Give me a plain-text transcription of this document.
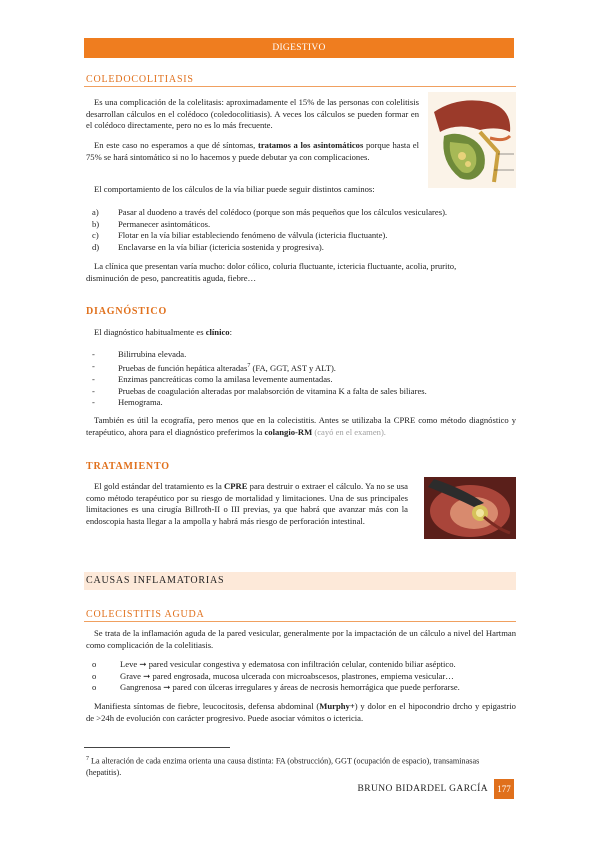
DIGESTIVO
COLEDOCOLITIASIS
Es una complicación de la colelitasis: aproximadamente el 15% de las personas con colelitisis desarrollan cálculos en el colédoco (coledocolitiasis). A veces los cálculos se pueden formar en el colédoco directamente, pero no es lo más frecuente.
En este caso no esperamos a que dé síntomas, tratamos a los asintomáticos porque hasta el 75% se hará sintomático si no lo hacemos y puede debutar ya con complicaciones.
El comportamiento de los cálculos de la vía biliar puede seguir distintos caminos:
a)	Pasar al duodeno a través del colédoco (porque son más pequeños que los cálculos vesiculares).
b)	Permanecer asintomáticos.
c)	Flotar en la vía biliar estableciendo fenómeno de válvula (ictericia fluctuante).
d)	Enclavarse en la vía biliar (ictericia sostenida y progresiva).
La clínica que presentan varía mucho: dolor cólico, coluria fluctuante, ictericia fluctuante, acolia, prurito,
disminución de peso, pancreatitis aguda, fiebre…
DIAGNÓSTICO
El diagnóstico habitualmente es clínico:
-	Bilirrubina elevada.
-	Pruebas de función hepática alteradas$^7$ (FA, GGT, AST y ALT).
-	Enzimas pancreáticas como la amilasa levemente aumentadas.
-	Pruebas de coagulación alteradas por malabsorción de vitamina K a falta de sales biliares.
-	Hemograma.
También es útil la ecografía, pero menos que en la colecistitis. Antes se utilizaba la CPRE como método diagnóstico y terapéutico, ahora para el diagnóstico preferimos la colangio-RM (cayó en el examen).
TRATAMIENTO
El gold estándar del tratamiento es la CPRE para destruir o extraer el cálculo. Ya no se usa como método terapéutico por su riesgo de mortalidad y limitaciones. Una de sus principales limitaciones es una cirugía Billroth-II o III previas, ya que habrá que avanzar más con la endoscopia hasta llegar a la ampolla y habrá más riesgo de perforación intestinal.
CAUSAS INFLAMATORIAS
COLECISTITIS AGUDA
Se trata de la inflamación aguda de la pared vesicular, generalmente por la impactación de un cálculo a nivel del Hartman como complicación de la colelitiasis.
o	Leve ➞ pared vesicular congestiva y edematosa con infiltración celular, contenido biliar aséptico.
o	Grave ➞ pared engrosada, mucosa ulcerada con microabscesos, plastrones, empiema vesicular…
o	Gangrenosa ➞ pared con úlceras irregulares y áreas de necrosis hemorrágica que puede perforarse.
Manifiesta síntomas de fiebre, leucocitosis, defensa abdominal (Murphy+) y dolor en el hipocondrio drcho y epigastrio de >24h de evolución con carácter progresivo. Puede asociar vómitos o ictericia.
$^7$ La alteración de cada enzima orienta una causa distinta: FA (obstrucción), GGT (ocupación de espacio), transaminasas (hepatitis).
BRUNO BIDARDEL GARCÍA	177
